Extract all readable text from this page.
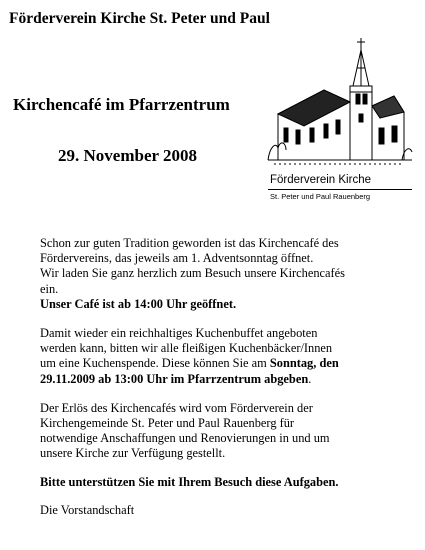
Förderverein Kirche St. Peter und Paul
Kirchencafé im Pfarrzentrum
29. November 2008
Förderverein Kirche
St. Peter und Paul Rauenberg

Schon zur guten Tradition geworden ist das Kirchencafé des
Fördervereins, das jeweils am 1. Adventsonntag öffnet.
Wir laden Sie ganz herzlich zum Besuch unsere Kirchencafés
ein.
Unser Café ist ab 14:00 Uhr geöffnet.

Damit wieder ein reichhaltiges Kuchenbuffet angeboten
werden kann, bitten wir alle fleißigen Kuchenbäcker/Innen
um eine Kuchenspende. Diese können Sie am Sonntag, den
29.11.2009 ab 13:00 Uhr im Pfarrzentrum abgeben.

Der Erlös des Kirchencafés wird vom Förderverein der
Kirchengemeinde St. Peter und Paul Rauenberg für
notwendige Anschaffungen und Renovierungen in und um
unsere Kirche zur Verfügung gestellt.

Bitte unterstützen Sie mit Ihrem Besuch diese Aufgaben.

Die Vorstandschaft
